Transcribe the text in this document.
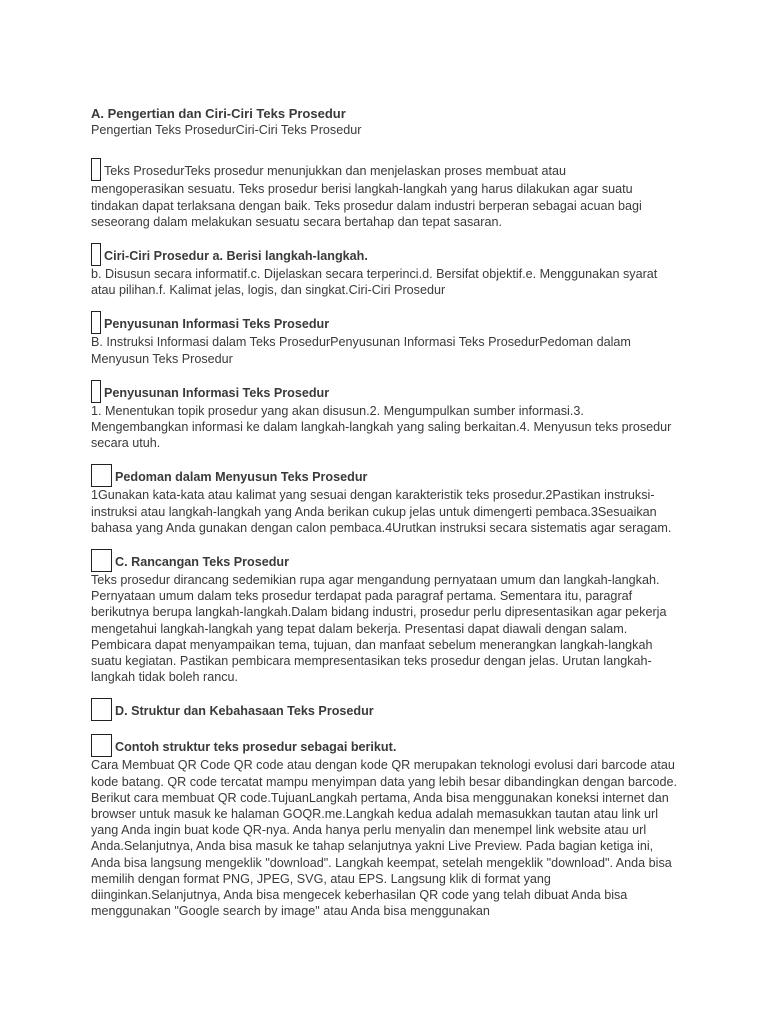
A. Pengertian dan Ciri-Ciri Teks Prosedur

Pengertian Teks ProsedurCiri-Ciri Teks Prosedur

Teks ProsedurTeks prosedur menunjukkan dan menjelaskan proses membuat atau

mengoperasikan sesuatu. Teks prosedur berisi langkah-langkah yang harus dilakukan agar suatu tindakan dapat terlaksana dengan baik. Teks prosedur dalam industri berperan sebagai acuan bagi seseorang dalam melakukan sesuatu secara bertahap dan tepat sasaran.

Ciri-Ciri Prosedur a. Berisi langkah-langkah.

b. Disusun secara informatif.c. Dijelaskan secara terperinci.d. Bersifat objektif.e. Menggunakan syarat atau pilihan.f. Kalimat jelas, logis, dan singkat.Ciri-Ciri Prosedur

Penyusunan Informasi Teks Prosedur

B. Instruksi Informasi dalam Teks ProsedurPenyusunan Informasi Teks ProsedurPedoman dalam Menyusun Teks Prosedur

Penyusunan Informasi Teks Prosedur

1. Menentukan topik prosedur yang akan disusun.2. Mengumpulkan sumber informasi.3. Mengembangkan informasi ke dalam langkah-langkah yang saling berkaitan.4. Menyusun teks prosedur secara utuh.

Pedoman dalam Menyusun Teks Prosedur

1Gunakan kata-kata atau kalimat yang sesuai dengan karakteristik teks prosedur.2Pastikan instruksi-instruksi atau langkah-langkah yang Anda berikan cukup jelas untuk dimengerti pembaca.3Sesuaikan bahasa yang Anda gunakan dengan calon pembaca.4Urutkan instruksi secara sistematis agar seragam.

C. Rancangan Teks Prosedur

Teks prosedur dirancang sedemikian rupa agar mengandung pernyataan umum dan langkah-langkah. Pernyataan umum dalam teks prosedur terdapat pada paragraf pertama. Sementara itu, paragraf berikutnya berupa langkah-langkah.Dalam bidang industri, prosedur perlu dipresentasikan agar pekerja mengetahui langkah-langkah yang tepat dalam bekerja. Presentasi dapat diawali dengan salam. Pembicara dapat menyampaikan tema, tujuan, dan manfaat sebelum menerangkan langkah-langkah suatu kegiatan. Pastikan pembicara mempresentasikan teks prosedur dengan jelas. Urutan langkah-langkah tidak boleh rancu.

D. Struktur dan Kebahasaan Teks Prosedur
Contoh struktur teks prosedur sebagai berikut.

Cara Membuat QR Code QR code atau dengan kode QR merupakan teknologi evolusi dari barcode atau kode batang. QR code tercatat mampu menyimpan data yang lebih besar dibandingkan dengan barcode. Berikut cara membuat QR code.TujuanLangkah pertama, Anda bisa menggunakan koneksi internet dan browser untuk masuk ke halaman GOQR.me.Langkah kedua adalah memasukkan tautan atau link url yang Anda ingin buat kode QR-nya. Anda hanya perlu menyalin dan menempel link website atau url Anda.Selanjutnya, Anda bisa masuk ke tahap selanjutnya yakni Live Preview. Pada bagian ketiga ini, Anda bisa langsung mengeklik "download". Langkah keempat, setelah mengeklik "download". Anda bisa memilih dengan format PNG, JPEG, SVG, atau EPS. Langsung klik di format yang diinginkan.Selanjutnya, Anda bisa mengecek keberhasilan QR code yang telah dibuat Anda bisa menggunakan "Google search by image" atau Anda bisa menggunakan
